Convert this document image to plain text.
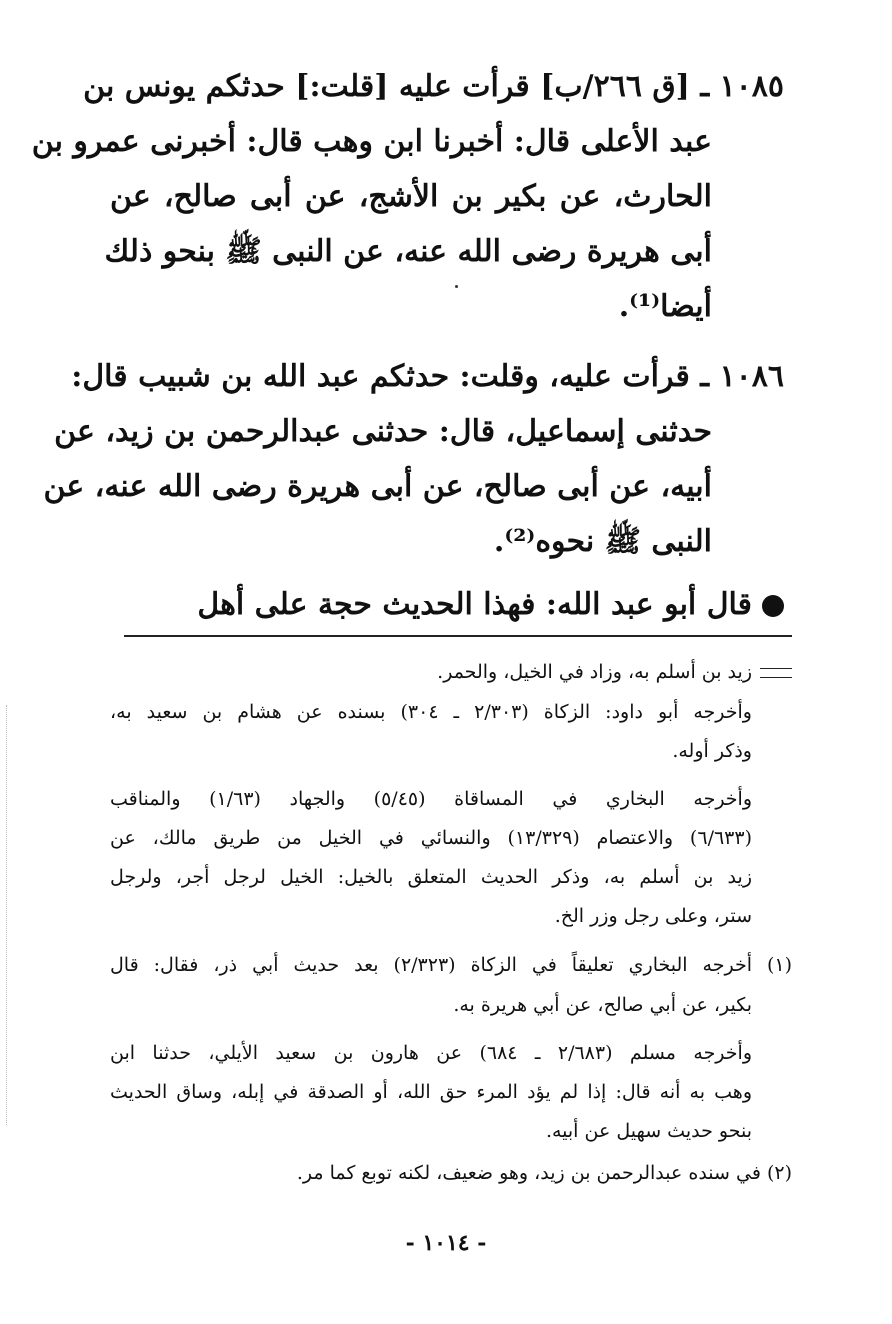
١٠٨٥ ـ [ق ٢٦٦/ب] قرأت عليه [قلت:] حدثكم يونس بن
عبد الأعلى قال: أخبرنا ابن وهب قال: أخبرنى عمرو بن
الحارث، عن بكير بن الأشج، عن أبى صالح، عن
أبى هريرة رضى الله عنه، عن النبى ﷺ بنحو ذلك
أيضا⁽¹⁾.
١٠٨٦ ـ قرأت عليه، وقلت: حدثكم عبد الله بن شبيب قال:
حدثنى إسماعيل، قال: حدثنى عبدالرحمن بن زيد، عن
أبيه، عن أبى صالح، عن أبى هريرة رضى الله عنه، عن
النبى ﷺ نحوه⁽²⁾.
قال أبو عبد الله: فهذا الحديث حجة على أهل
زيد بن أسلم به، وزاد في الخيل، والحمر.
وأخرجه أبو داود: الزكاة (٢/٣٠٣ ـ ٣٠٤) بسنده عن هشام بن سعيد به،
وذكر أوله.
وأخرجه البخاري في المساقاة (٥/٤٥) والجهاد (١/٦٣) والمناقب
(٦/٦٣٣) والاعتصام (١٣/٣٢٩) والنسائي في الخيل من طريق مالك، عن
زيد بن أسلم به، وذكر الحديث المتعلق بالخيل: الخيل لرجل أجر، ولرجل
ستر، وعلى رجل وزر الخ.
(١) أخرجه البخاري تعليقاً في الزكاة (٢/٣٢٣) بعد حديث أبي ذر، فقال: قال
بكير، عن أبي صالح، عن أبي هريرة به.
وأخرجه مسلم (٢/٦٨٣ ـ ٦٨٤) عن هارون بن سعيد الأيلي، حدثنا ابن
وهب به أنه قال: إذا لم يؤد المرء حق الله، أو الصدقة في إبله، وساق الحديث
بنحو حديث سهيل عن أبيه.
(٢) في سنده عبدالرحمن بن زيد، وهو ضعيف، لكنه توبع كما مر.
- ١٠١٤ -
